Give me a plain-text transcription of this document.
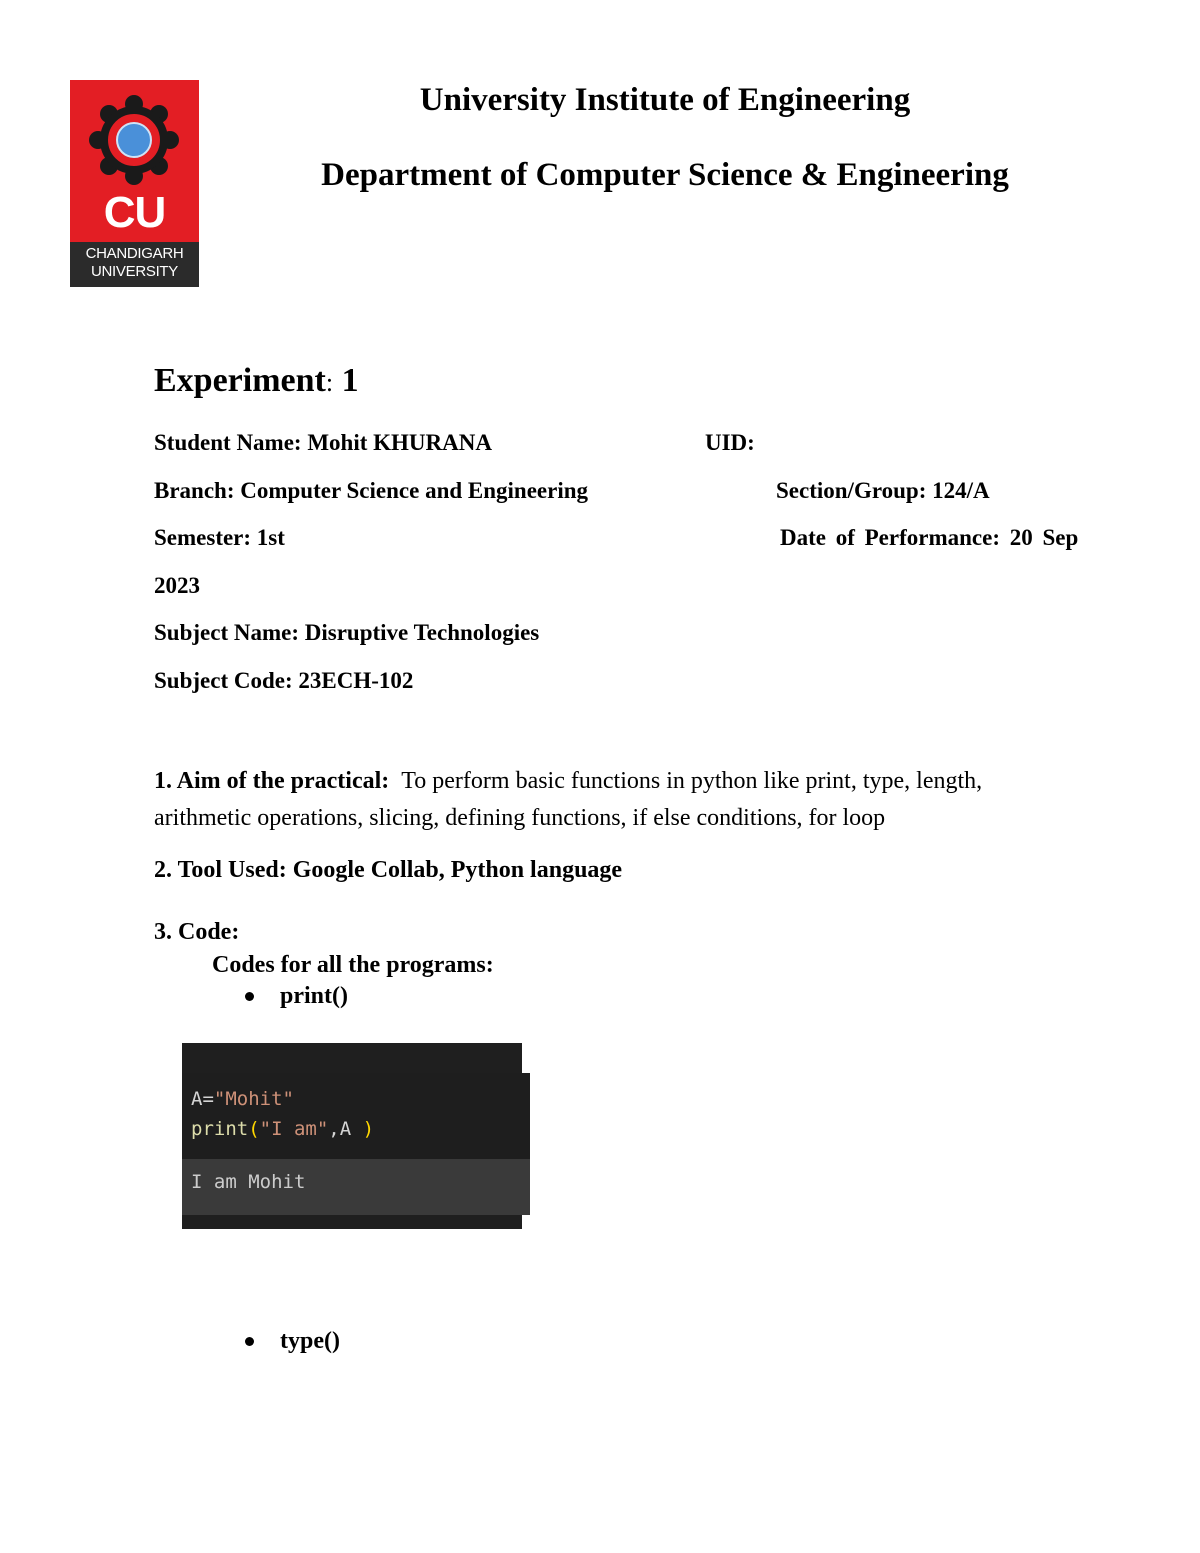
CU
CHANDIGARH
UNIVERSITY
University Institute of Engineering
Department of Computer Science & Engineering
Experiment: 1
Student Name: Mohit KHURANA	UID:
Branch: Computer Science and Engineering	Section/Group: 124/A
Semester: 1st	Date of Performance: 20 Sep
2023
Subject Name: Disruptive Technologies
Subject Code: 23ECH-102
1. Aim of the practical: To perform basic functions in python like print, type, length,
arithmetic operations, slicing, defining functions, if else conditions, for loop
2. Tool Used: Google Collab, Python language
3. Code:
Codes for all the programs:
print()
A="Mohit"
print("I am",A )
I am Mohit
type()
